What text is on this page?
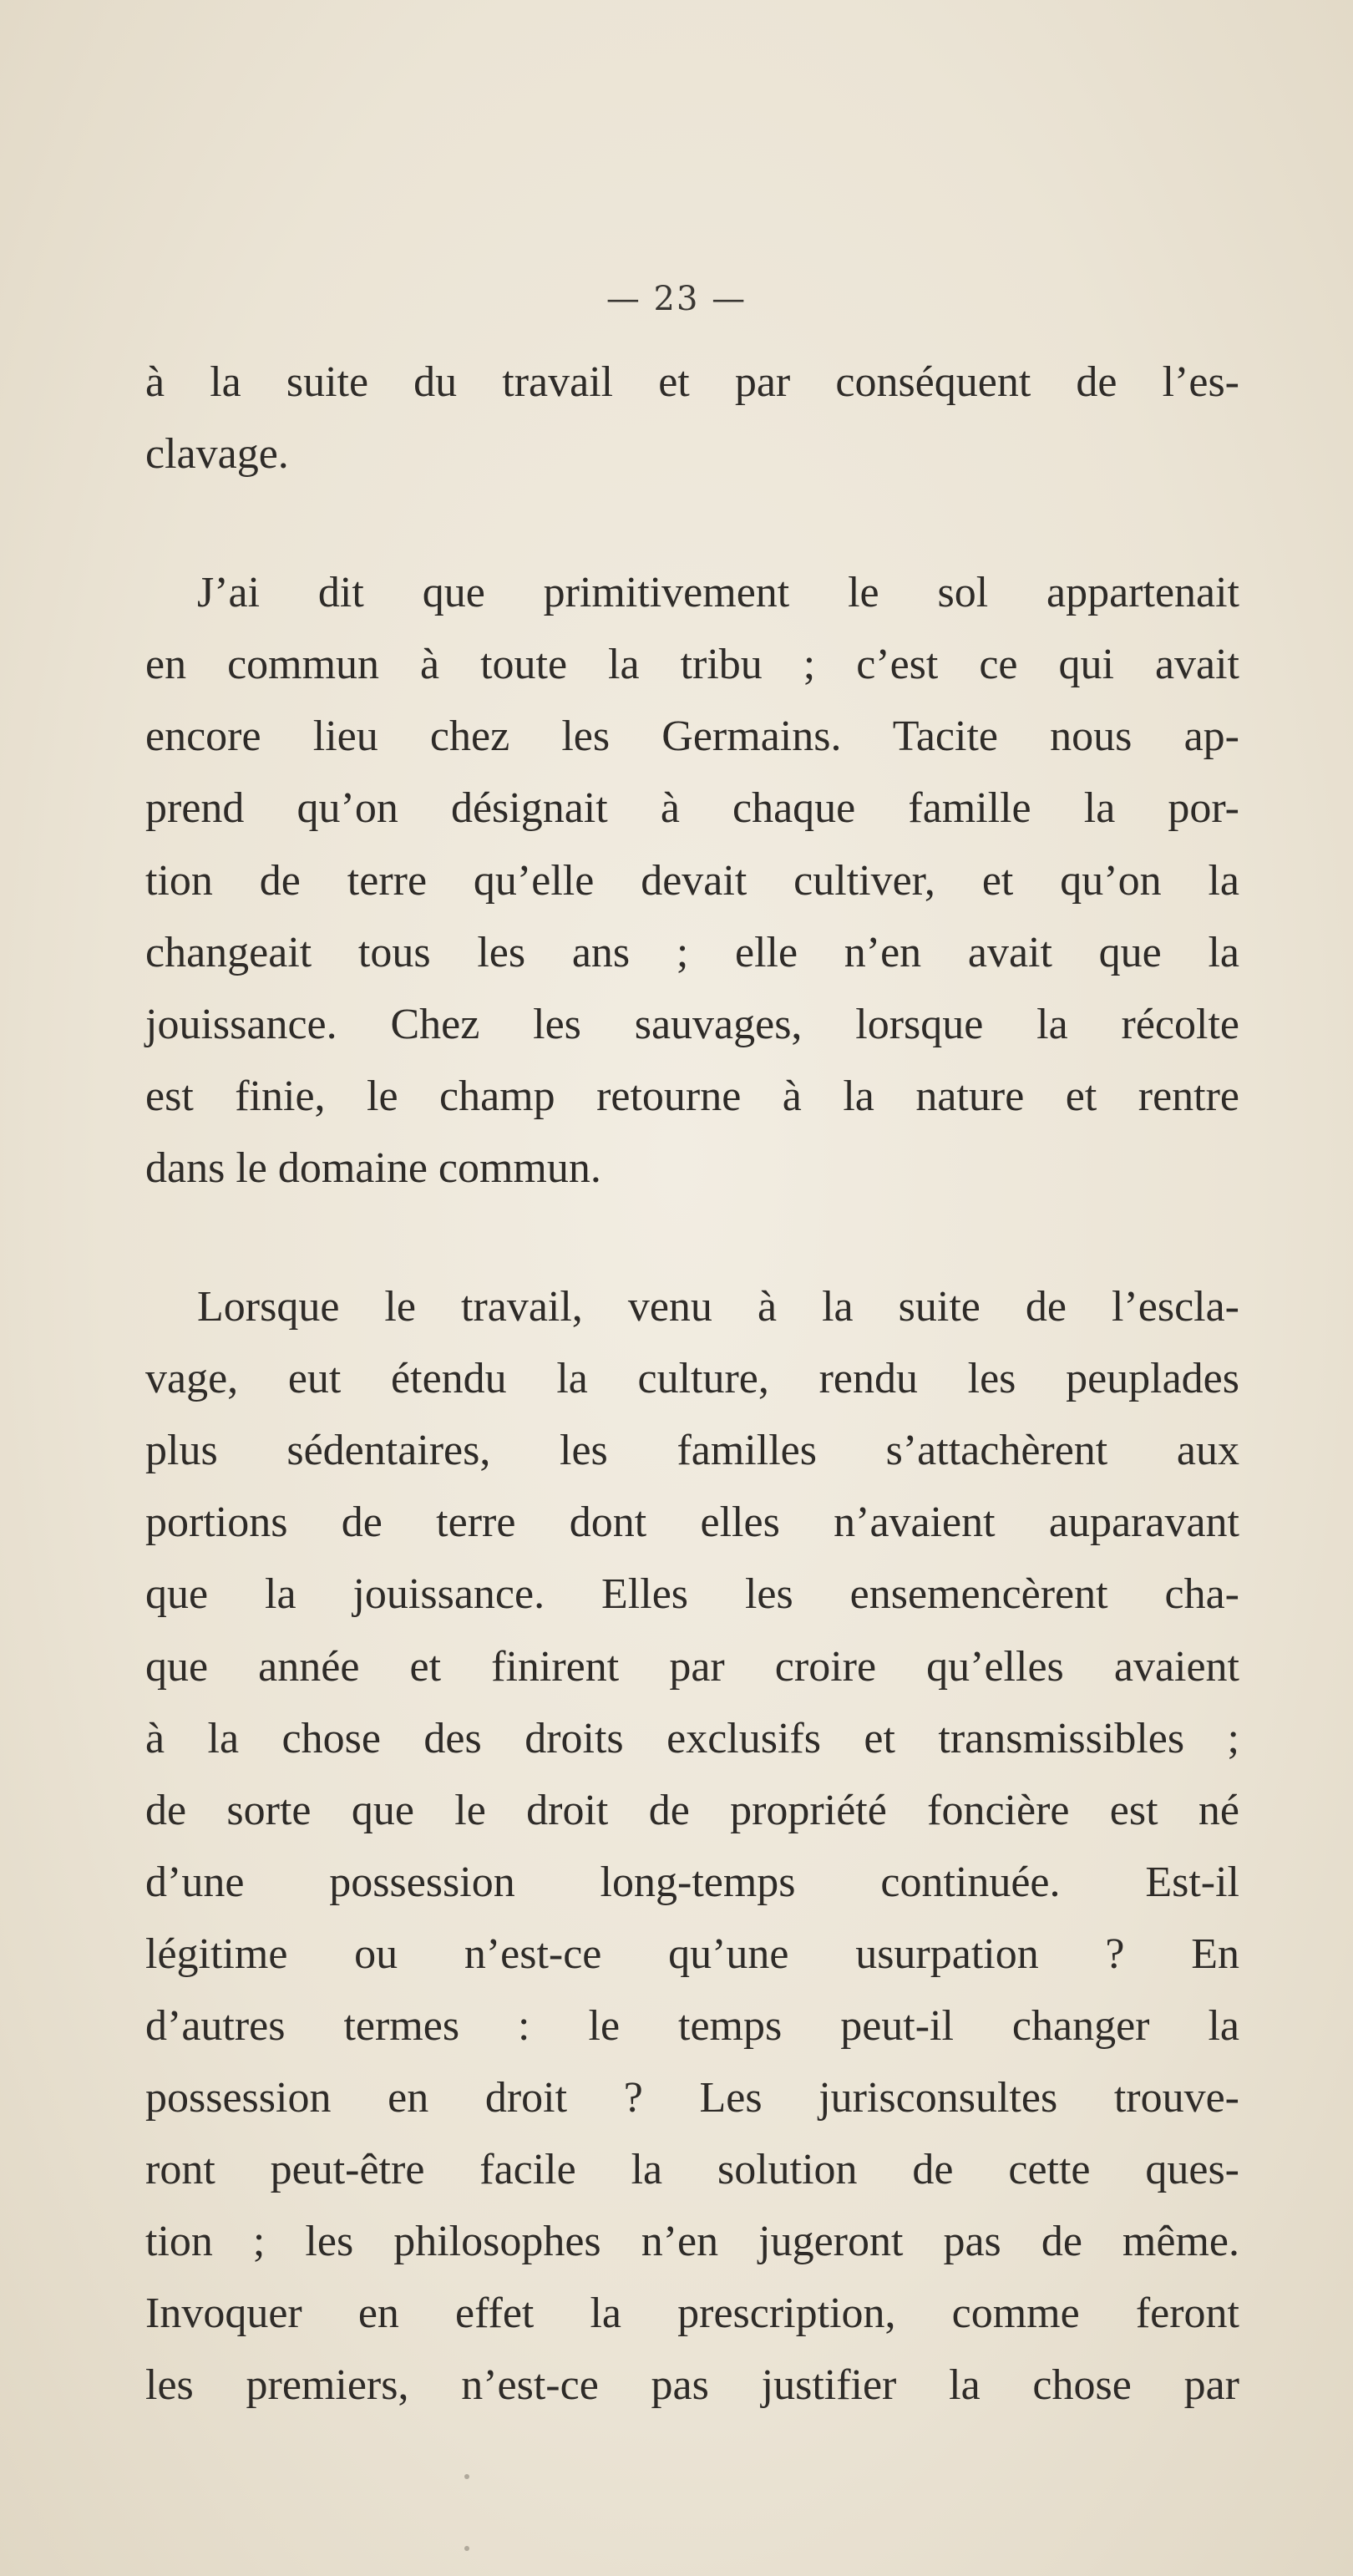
— 23 —

à la suite du travail et par conséquent de l’es-
clavage.

J’ai dit que primitivement le sol appartenait
en commun à toute la tribu ; c’est ce qui avait
encore lieu chez les Germains. Tacite nous ap-
prend qu’on désignait à chaque famille la por-
tion de terre qu’elle devait cultiver, et qu’on la
changeait tous les ans ; elle n’en avait que la
jouissance. Chez les sauvages, lorsque la récolte
est finie, le champ retourne à la nature et rentre
dans le domaine commun.

Lorsque le travail, venu à la suite de l’escla-
vage, eut étendu la culture, rendu les peuplades
plus sédentaires, les familles s’attachèrent aux
portions de terre dont elles n’avaient auparavant
que la jouissance. Elles les ensemencèrent cha-
que année et finirent par croire qu’elles avaient
à la chose des droits exclusifs et transmissibles ;
de sorte que le droit de propriété foncière est né
d’une possession long-temps continuée. Est-il
légitime ou n’est-ce qu’une usurpation ? En
d’autres termes : le temps peut-il changer la
possession en droit ? Les jurisconsultes trouve-
ront peut-être facile la solution de cette ques-
tion ; les philosophes n’en jugeront pas de même.
Invoquer en effet la prescription, comme feront
les premiers, n’est-ce pas justifier la chose par
